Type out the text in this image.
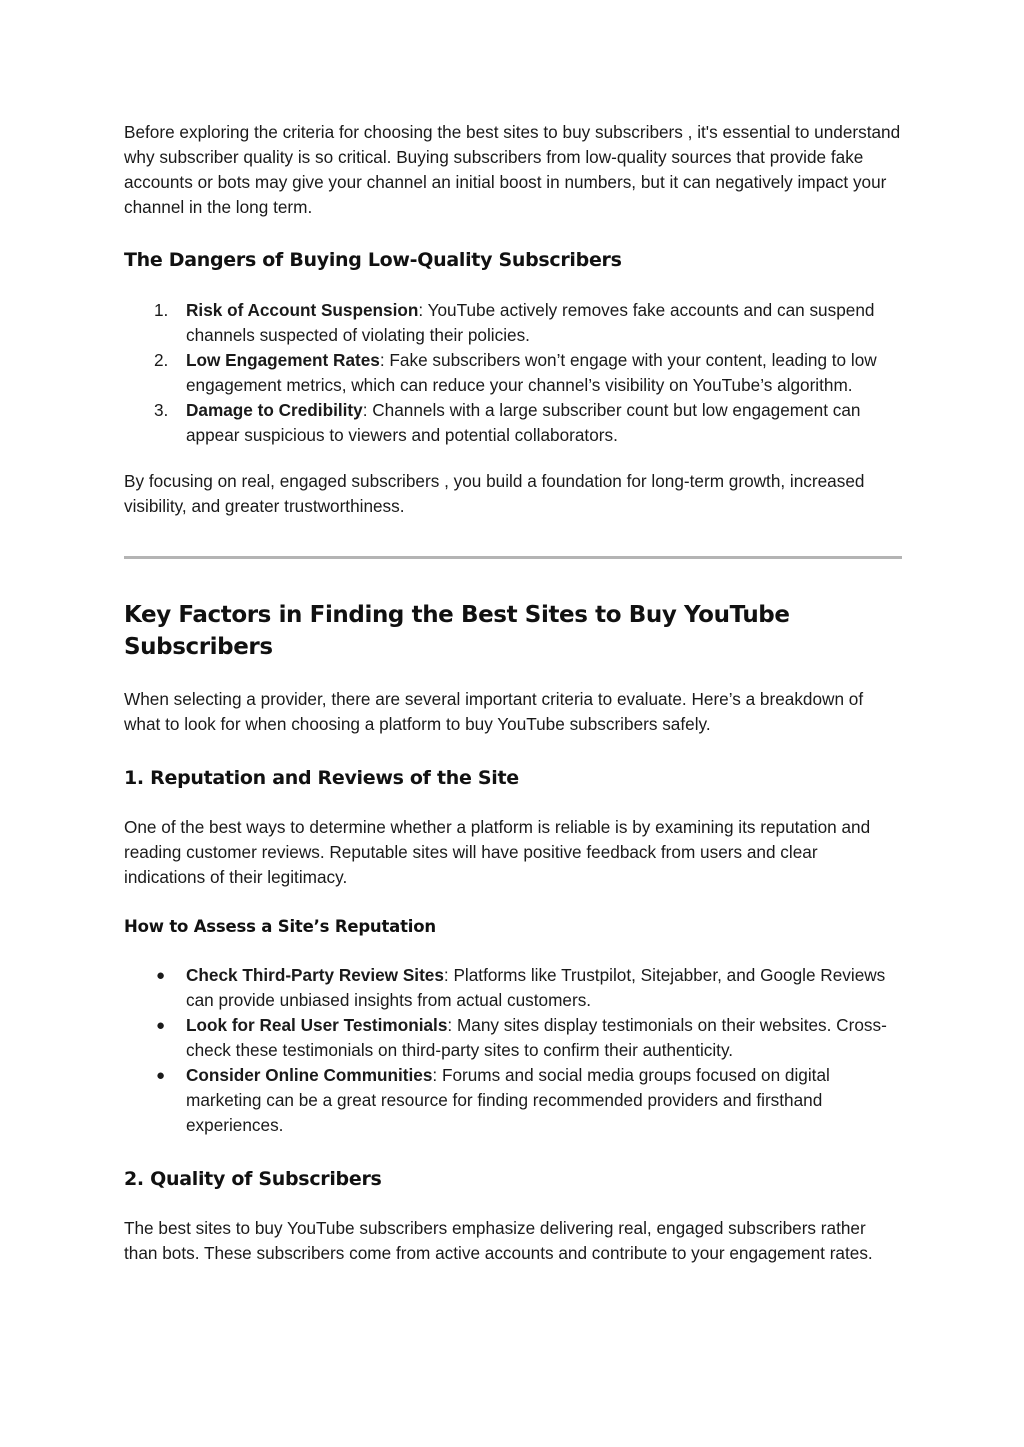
Before exploring the criteria for choosing the best sites to buy subscribers , it's essential to understand why subscriber quality is so critical. Buying subscribers from low-quality sources that provide fake accounts or bots may give your channel an initial boost in numbers, but it can negatively impact your channel in the long term.

The Dangers of Buying Low-Quality Subscribers
1.	Risk of Account Suspension: YouTube actively removes fake accounts and can suspend channels suspected of violating their policies.
2.	Low Engagement Rates: Fake subscribers won’t engage with your content, leading to low engagement metrics, which can reduce your channel’s visibility on YouTube’s algorithm.
3.	Damage to Credibility: Channels with a large subscriber count but low engagement can appear suspicious to viewers and potential collaborators.

By focusing on real, engaged subscribers , you build a foundation for long-term growth, increased visibility, and greater trustworthiness.

Key Factors in Finding the Best Sites to Buy YouTube Subscribers

When selecting a provider, there are several important criteria to evaluate. Here’s a breakdown of what to look for when choosing a platform to buy YouTube subscribers safely.

1. Reputation and Reviews of the Site

One of the best ways to determine whether a platform is reliable is by examining its reputation and reading customer reviews. Reputable sites will have positive feedback from users and clear indications of their legitimacy.

How to Assess a Site’s Reputation
● Check Third-Party Review Sites: Platforms like Trustpilot, Sitejabber, and Google Reviews can provide unbiased insights from actual customers.
● Look for Real User Testimonials: Many sites display testimonials on their websites. Cross-check these testimonials on third-party sites to confirm their authenticity.
● Consider Online Communities: Forums and social media groups focused on digital marketing can be a great resource for finding recommended providers and firsthand experiences.
2. Quality of Subscribers

The best sites to buy YouTube subscribers emphasize delivering real, engaged subscribers rather than bots. These subscribers come from active accounts and contribute to your engagement rates.
